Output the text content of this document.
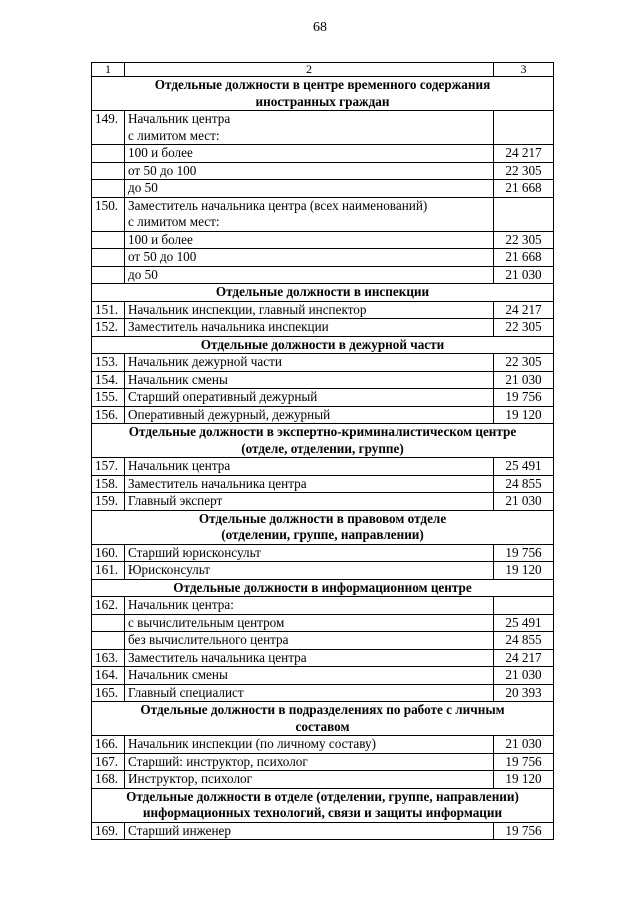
68
1	2	3

Отдельные должности в центре временного содержания
иностранных граждан		

149.	Начальник центра
с лимитом мест:	

	100 и более	24 217
	от 50 до 100	22 305
	до 50	21 668
150.	Заместитель начальника центра (всех наименований)
с лимитом мест:	

	100 и более	22 305
	от 50 до 100	21 668
	до 50	21 030

Отдельные должности в инспекции		

151.	Начальник инспекции, главный инспектор	24 217
152.	Заместитель начальника инспекции	22 305

Отдельные должности в дежурной части		

153.	Начальник дежурной части	22 305
154.	Начальник смены	21 030
155.	Старший оперативный дежурный	19 756
156.	Оперативный дежурный, дежурный	19 120

Отдельные должности в экспертно-криминалистическом центре
(отделе, отделении, группе)		

157.	Начальник центра	25 491
158.	Заместитель начальника центра	24 855
159.	Главный эксперт	21 030

Отдельные должности в правовом отделе
(отделении, группе, направлении)		

160.	Старший юрисконсульт	19 756
161.	Юрисконсульт	19 120

Отдельные должности в информационном центре		

162.	Начальник центра:	

	с вычислительным центром	25 491
	без вычислительного центра	24 855
163.	Заместитель начальника центра	24 217
164.	Начальник смены	21 030
165.	Главный специалист	20 393

Отдельные должности в подразделениях по работе с личным
составом		

166.	Начальник инспекции (по личному составу)	21 030
167.	Старший: инструктор, психолог	19 756
168.	Инструктор, психолог	19 120

Отдельные должности в отделе (отделении, группе, направлении)
информационных технологий, связи и защиты информации		

169.	Старший инженер	19 756
